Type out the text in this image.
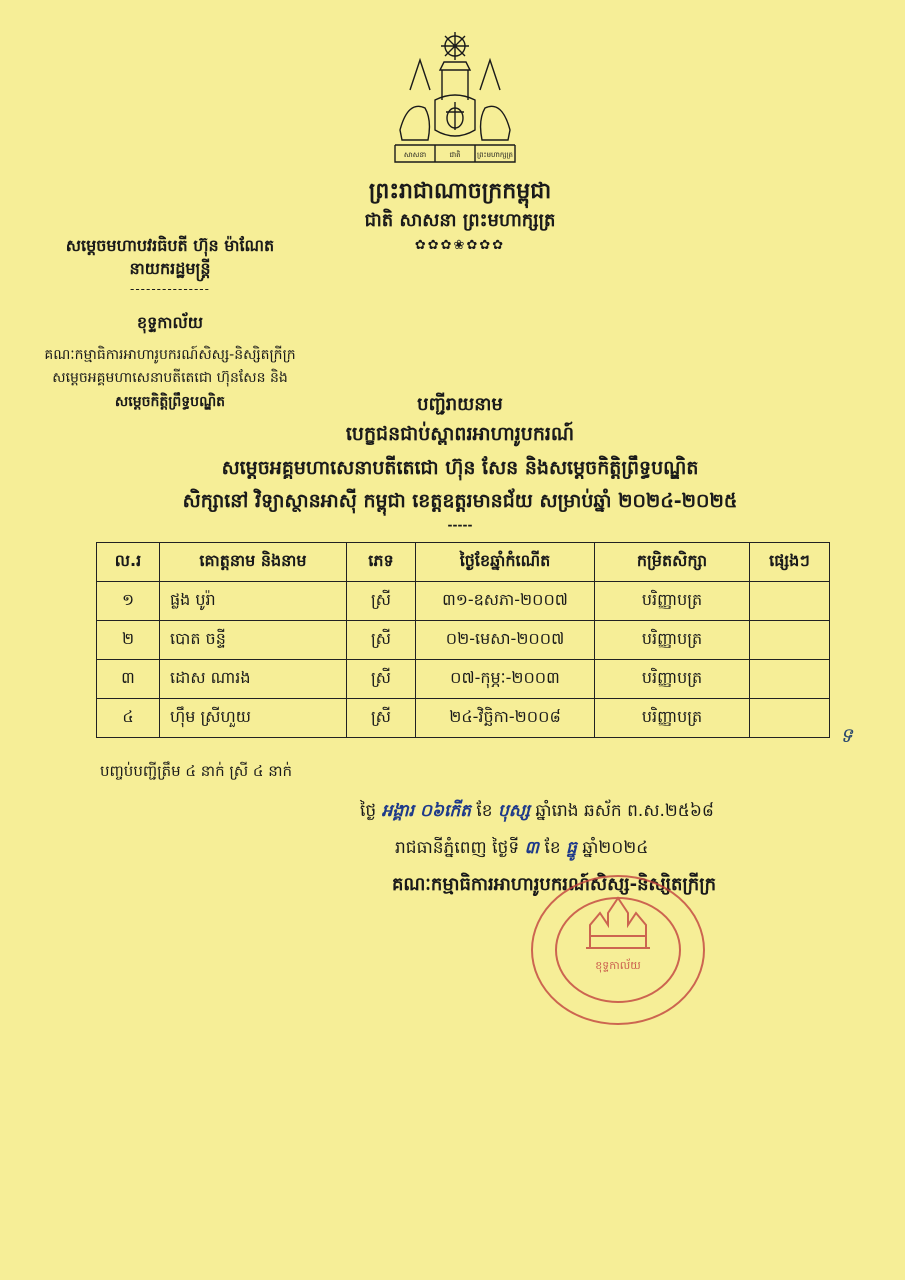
សាសនា	ជាតិ ព្រះមហាក្សត្រ
ព្រះរាជាណាចក្រកម្ពុជា
ជាតិ សាសនា ព្រះមហាក្សត្រ
✿✿✿❀✿✿✿
សម្តេចមហាបវរធិបតី ហ៊ុន ម៉ាណែត
នាយករដ្ឋមន្រ្តី
---------------
ខុទ្ទកាល័យ
គណៈកម្មាធិការអាហារូបករណ៍សិស្ស-និស្សិតក្រីក្រ
សម្តេចអគ្គមហាសេនាបតីតេជោ ហ៊ុនសែន និង
សម្តេចកិត្តិព្រឹទ្ធបណ្ឌិត	បញ្ជីរាយនាម
បេក្ខជនជាប់ស្ពាពរអាហារូបករណ៍
សម្តេចអគ្គមហាសេនាបតីតេជោ ហ៊ុន សែន និងសម្តេចកិត្តិព្រឹទ្ធបណ្ឌិត
សិក្សានៅ វិទ្យាស្ថានអាស៊ី កម្ពុជា ខេត្តឧត្តរមានជ័យ សម្រាប់ឆ្នាំ ២០២៤-២០២៥
-----
ល.រ	គោត្តនាម និងនាម	ភេទ	ថ្ងៃខែឆ្នាំកំណើត	កម្រិតសិក្សា	ផ្សេងៗ
១	ផ្លង បូរ៉ា	ស្រី	៣១-ឧសភា-២០០៧	បរិញ្ញាបត្រ	
២	បោត ចន្ទី	ស្រី	០២-មេសា-២០០៧	បរិញ្ញាបត្រ	
៣	ដោស ណារង	ស្រី	០៧-កុម្ភៈ-២០០៣	បរិញ្ញាបត្រ	
៤	ហ៊ឹម ស្រីហួយ	ស្រី	២៤-វិច្ឆិកា-២០០៨	បរិញ្ញាបត្រ	
ទ
បញ្ចប់បញ្ជីត្រឹម ៤ នាក់ ស្រី ៤ នាក់
ថ្ងៃ អង្គារ ០៦កើត ខែ បុស្ស ឆ្នាំរោង ឆស័ក ព.ស.២៥៦៨
រាជធានីភ្នំពេញ ថ្ងៃទី ៣ ខែ ធ្នូ ឆ្នាំ២០២៤
គណៈកម្មាធិការអាហារូបករណ៍សិស្ស-និស្សិតក្រីក្រ
ខុទ្ទកាល័យ
